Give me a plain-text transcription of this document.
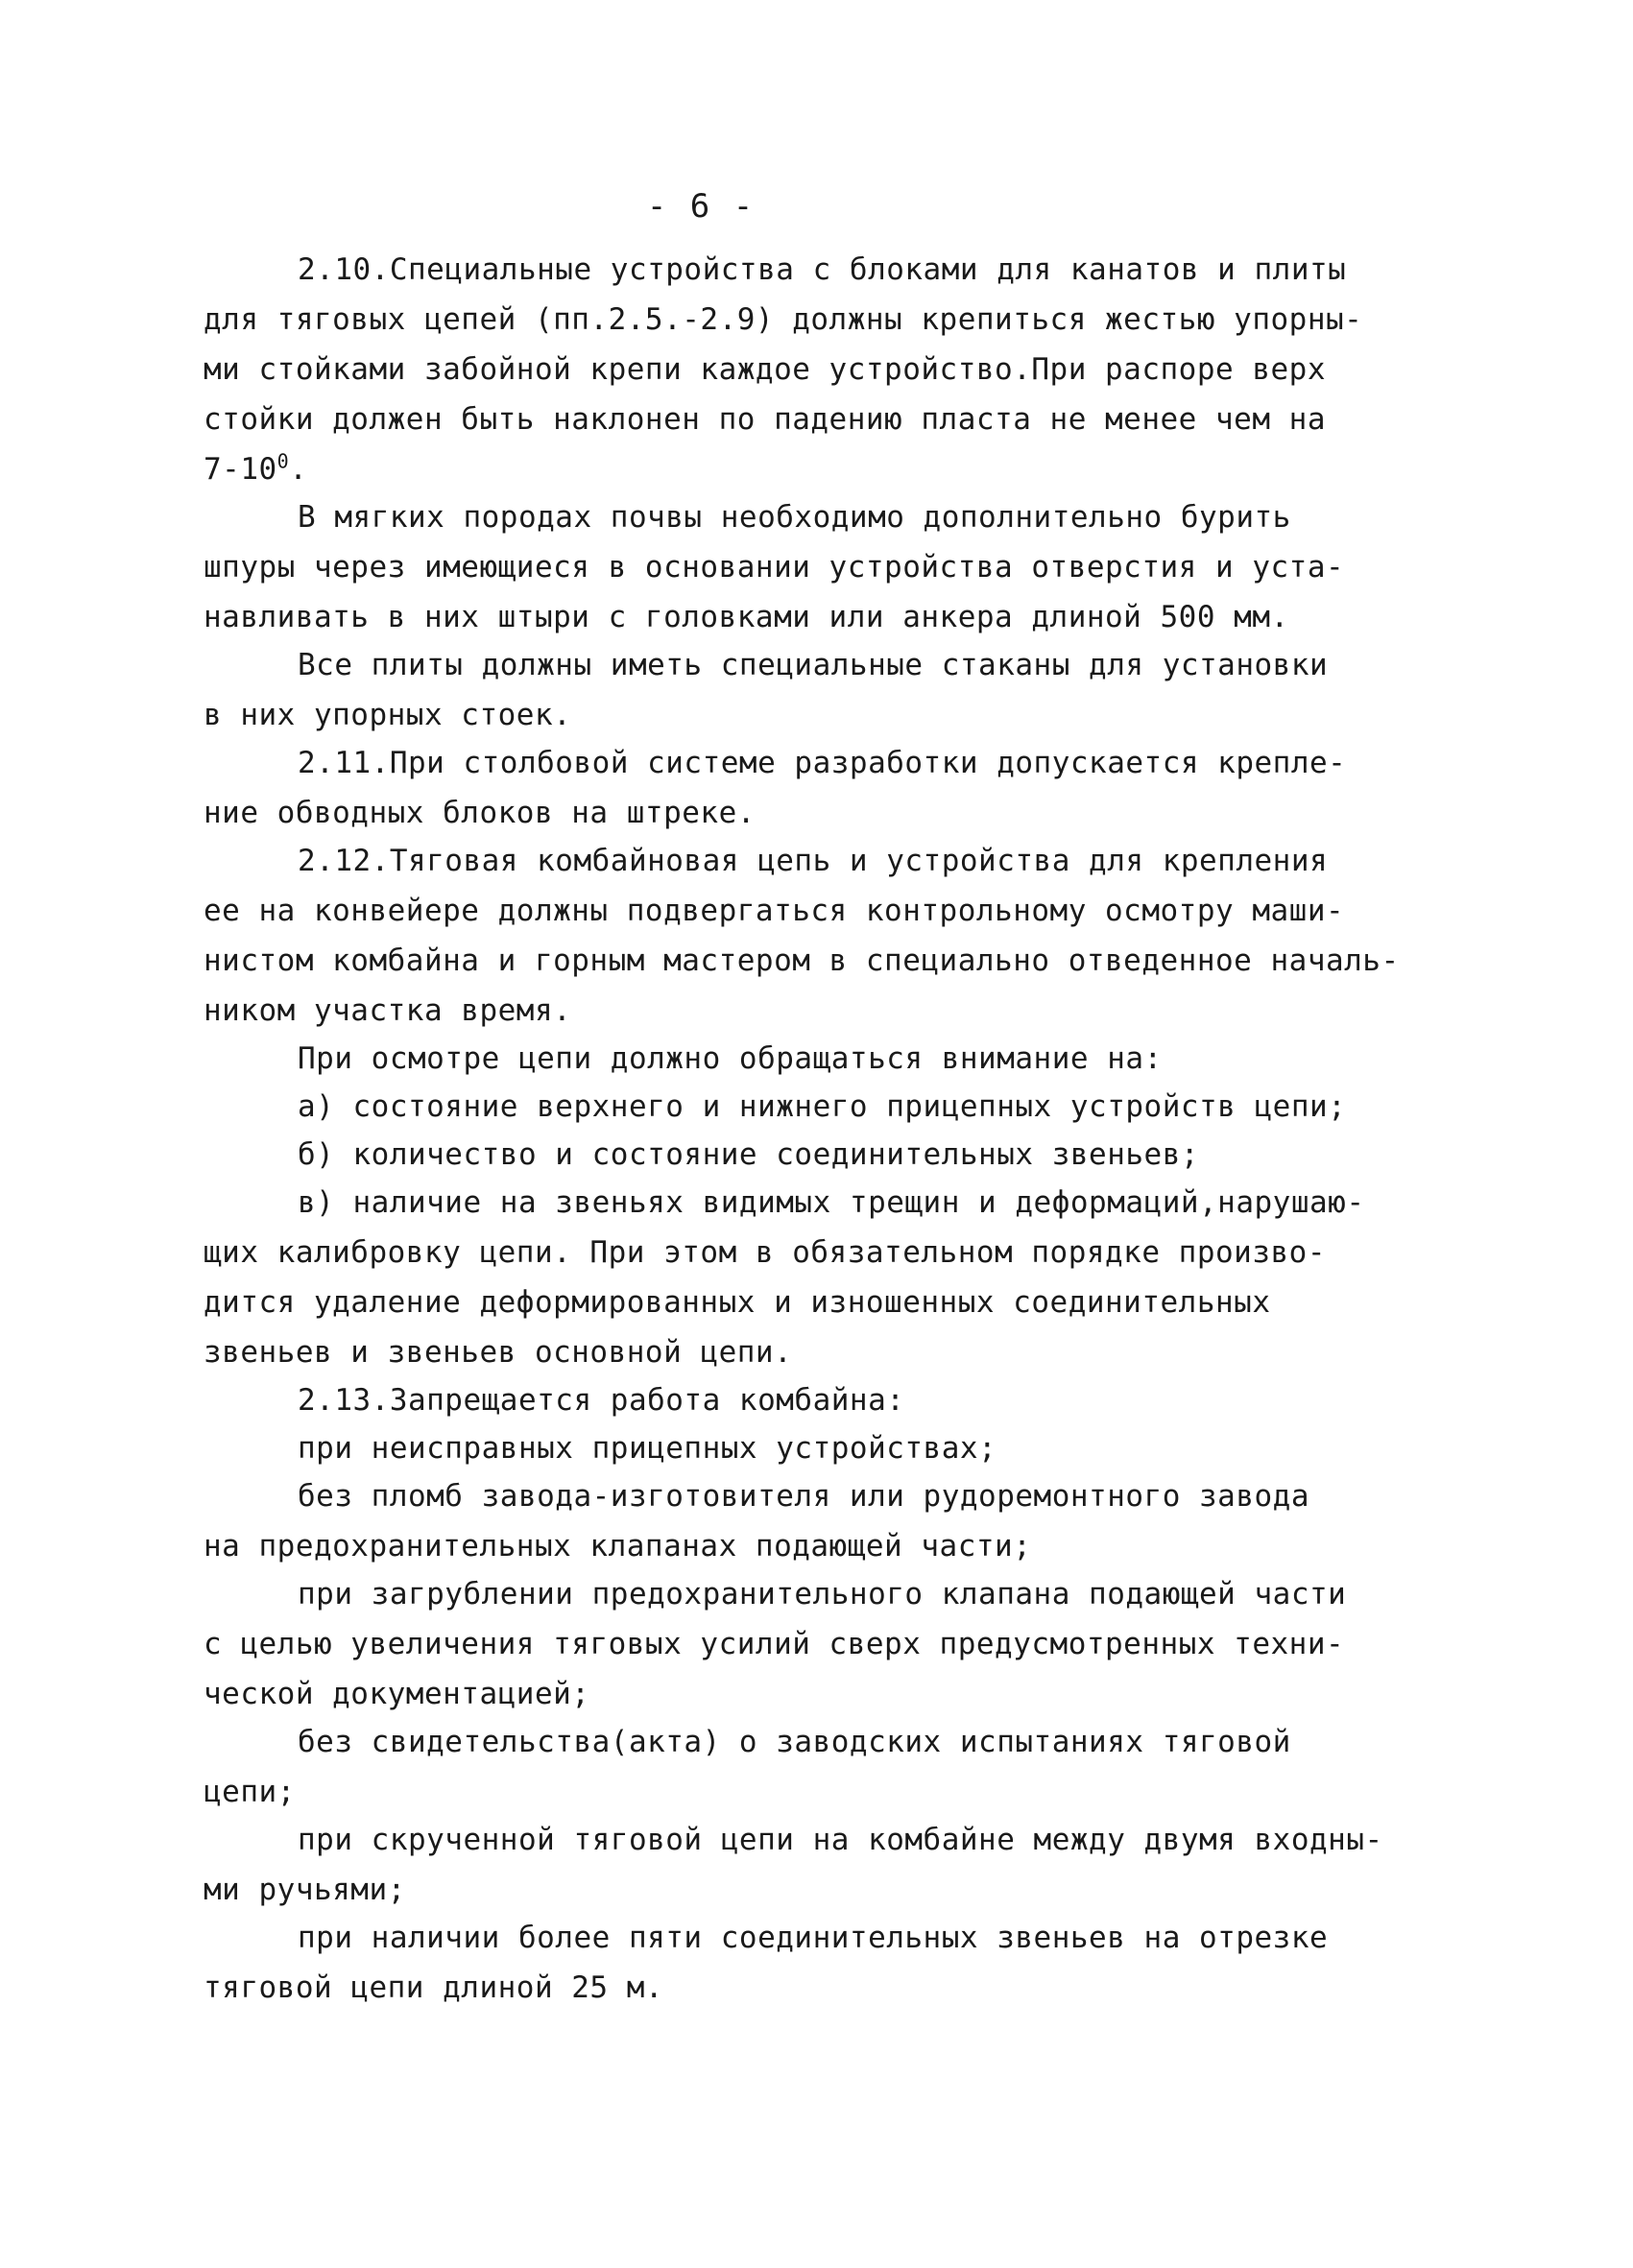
- 6 -
2.10.Специальные устройства с блоками для канатов и плиты
для тяговых цепей (пп.2.5.-2.9) должны крепиться жестью упорны-
ми стойками забойной крепи каждое устройство.При распоре верх
стойки должен быть наклонен по падению пласта не менее чем на
$7-10^0$.
В мягких породах почвы необходимо дополнительно бурить
шпуры через имеющиеся в основании устройства отверстия и уста-
навливать в них штыри с головками или анкера длиной 500 мм.
Все плиты должны иметь специальные стаканы для установки
в них упорных стоек.
2.11.При столбовой системе разработки допускается крепле-
ние обводных блоков на штреке.
2.12.Тяговая комбайновая цепь и устройства для крепления
ее на конвейере должны подвергаться контрольному осмотру маши-
нистом комбайна и горным мастером в специально отведенное началь-
ником участка время.
При осмотре цепи должно обращаться внимание на:
а) состояние верхнего и нижнего прицепных устройств цепи;
б) количество и состояние соединительных звеньев;
в) наличие на звеньях видимых трещин и деформаций,нарушаю-
щих калибровку цепи. При этом в обязательном порядке произво-
дится удаление деформированных и изношенных соединительных
звеньев и звеньев основной цепи.
2.13.Запрещается работа комбайна:
при неисправных прицепных устройствах;
без пломб завода-изготовителя или рудоремонтного завода
на предохранительных клапанах подающей части;
при загрублении предохранительного клапана подающей части
с целью увеличения тяговых усилий сверх предусмотренных техни-
ческой документацией;
без свидетельства(акта) о заводских испытаниях тяговой
цепи;
при скрученной тяговой цепи на комбайне между двумя входны-
ми ручьями;
при наличии более пяти соединительных звеньев на отрезке
тяговой цепи длиной 25 м.
